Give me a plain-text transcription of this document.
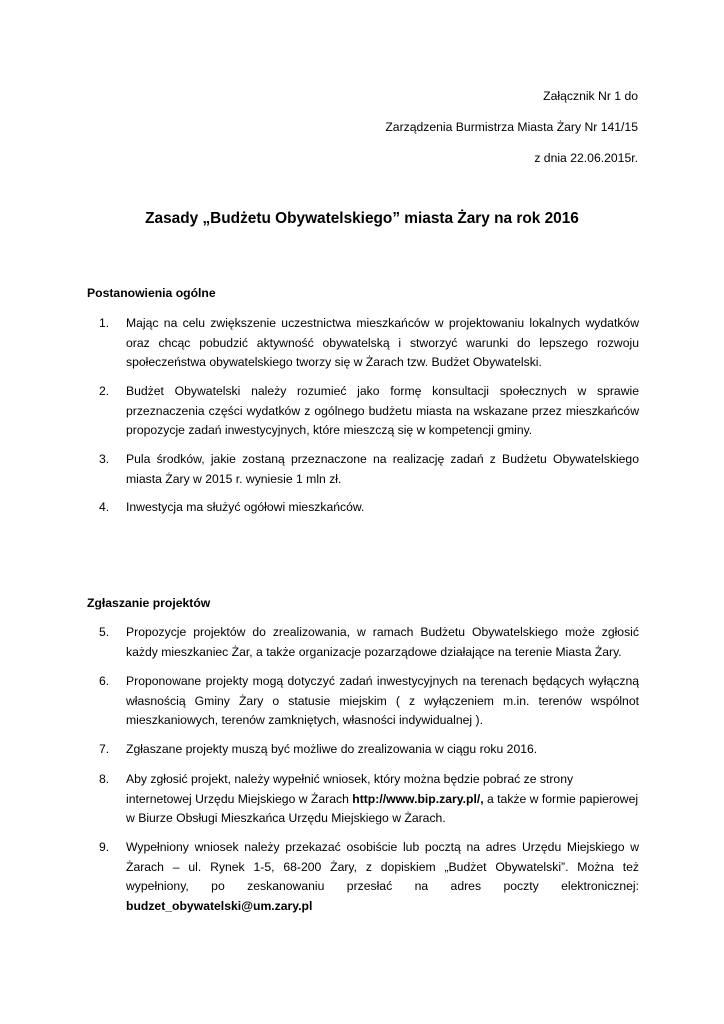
Załącznik Nr 1 do
Zarządzenia Burmistrza Miasta Żary Nr 141/15
z dnia 22.06.2015r.
Zasady „Budżetu Obywatelskiego” miasta Żary na rok 2016
Postanowienia ogólne
1.	Mając na celu zwiększenie uczestnictwa mieszkańców w projektowaniu lokalnych wydatków oraz chcąc pobudzić aktywność obywatelską i stworzyć warunki do lepszego rozwoju społeczeństwa obywatelskiego tworzy się w Żarach tzw. Budżet Obywatelski.
2.	Budżet Obywatelski należy rozumieć jako formę konsultacji społecznych w sprawie przeznaczenia części wydatków z ogólnego budżetu miasta na wskazane przez mieszkańców propozycje zadań inwestycyjnych, które mieszczą się w kompetencji gminy.
3.	Pula środków, jakie zostaną przeznaczone na realizację zadań z Budżetu Obywatelskiego miasta Żary w 2015 r. wyniesie 1 mln zł.
4.	Inwestycja ma służyć ogółowi mieszkańców.
Zgłaszanie projektów
5.	Propozycje projektów do zrealizowania, w ramach Budżetu Obywatelskiego może zgłosić każdy mieszkaniec Żar, a także organizacje pozarządowe działające na terenie Miasta Żary.
6.	Proponowane projekty mogą dotyczyć zadań inwestycyjnych na terenach będących wyłączną własnością Gminy Żary o statusie miejskim ( z wyłączeniem m.in. terenów wspólnot mieszkaniowych, terenów zamkniętych, własności indywidualnej ).
7.	Zgłaszane projekty muszą być możliwe do zrealizowania w ciągu roku 2016.
8.	Aby zgłosić projekt, należy wypełnić wniosek, który można będzie pobrać ze strony internetowej Urzędu Miejskiego w Żarach http://www.bip.zary.pl/, a także w formie papierowej w Biurze Obsługi Mieszkańca Urzędu Miejskiego w Żarach.
9.	Wypełniony wniosek należy przekazać osobiście lub pocztą na adres Urzędu Miejskiego w Żarach – ul. Rynek 1-5, 68-200 Żary, z dopiskiem „Budżet Obywatelski”. Można też wypełniony, po zeskanowaniu przesłać na adres poczty elektronicznej: budzet_obywatelski@um.zary.pl
